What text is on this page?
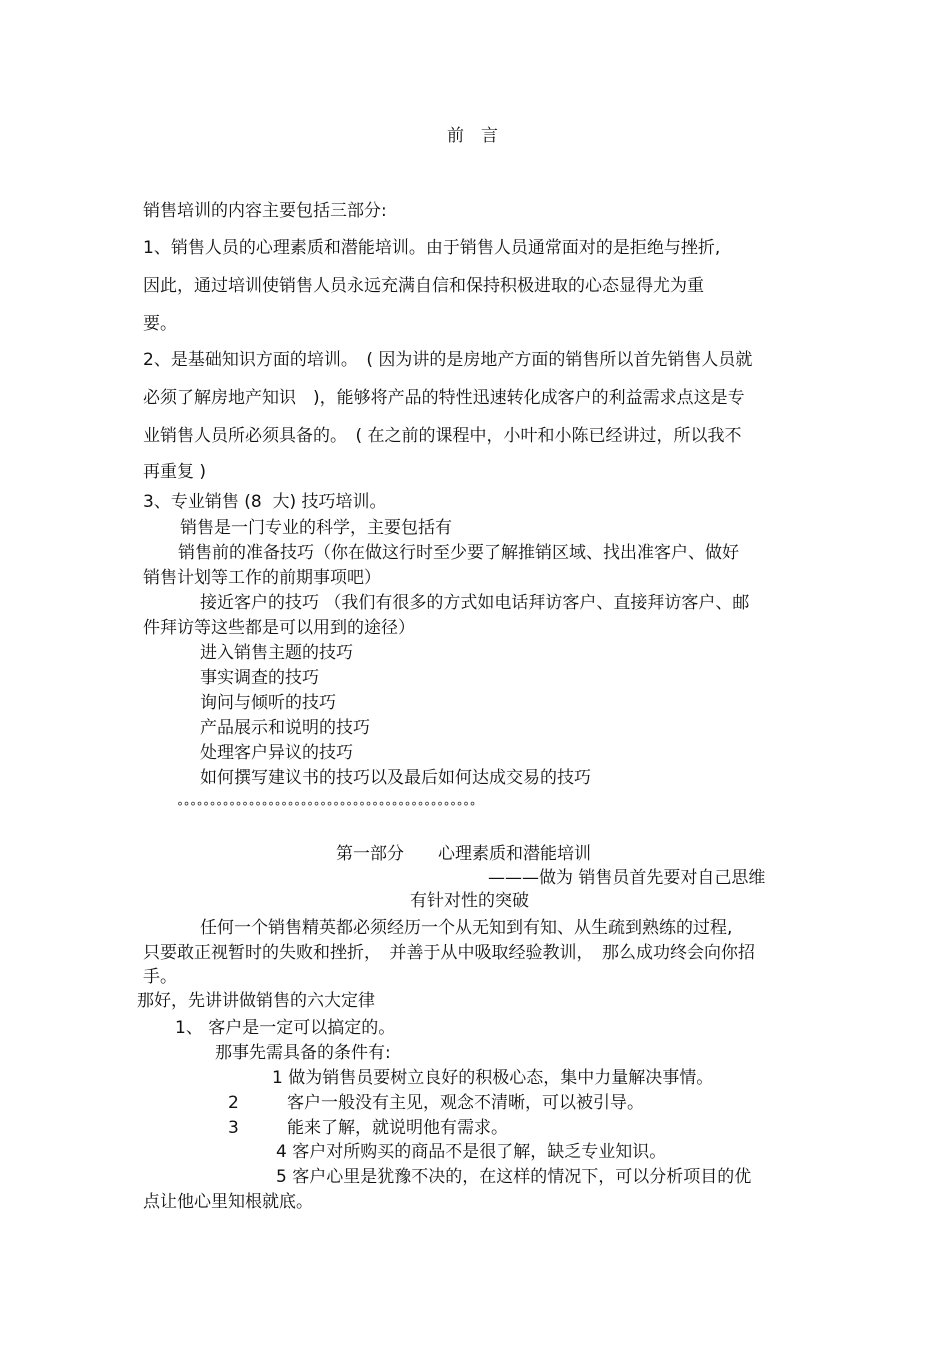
前　言
销售培训的内容主要包括三部分:
1、销售人员的心理素质和潜能培训。由于销售人员通常面对的是拒绝与挫折,
因此，通过培训使销售人员永远充满自信和保持积极进取的心态显得尤为重
要。
2、是基础知识方面的培训。　( 因为讲的是房地产方面的销售所以首先销售人员就
必须了解房地产知识　)，能够将产品的特性迅速转化成客户的利益需求点这是专
业销售人员所必须具备的。　( 在之前的课程中，小叶和小陈已经讲过，所以我不
再重复 )
3、专业销售 (8  大) 技巧培训。
销售是一门专业的科学，主要包括有
销售前的准备技巧（你在做这行时至少要了解推销区域、找出准客户、做好
销售计划等工作的前期事项吧）
接近客户的技巧 （我们有很多的方式如电话拜访客户、直接拜访客户、邮
件拜访等这些都是可以用到的途径）
进入销售主题的技巧
事实调查的技巧
询问与倾听的技巧
产品展示和说明的技巧
处理客户异议的技巧
如何撰写建议书的技巧以及最后如何达成交易的技巧
°°°°°°°°°°°°°°°°°°°°°°°°°°°°°°°°°°°°°°°°°°°°°°
第一部分　　心理素质和潜能培训
———做为 销售员首先要对自己思维
有针对性的突破
任何一个销售精英都必须经历一个从无知到有知、从生疏到熟练的过程,
只要敢正视暂时的失败和挫折，　并善于从中吸取经验教训，　那么成功终会向你招
手。
那好，先讲讲做销售的六大定律
1、 客户是一定可以搞定的。
那事先需具备的条件有:
1 做为销售员要树立良好的积极心态，集中力量解决事情。
2	客户一般没有主见，观念不清晰，可以被引导。
3	能来了解，就说明他有需求。
4 客户对所购买的商品不是很了解，缺乏专业知识。
5 客户心里是犹豫不决的，在这样的情况下，可以分析项目的优
点让他心里知根就底。
